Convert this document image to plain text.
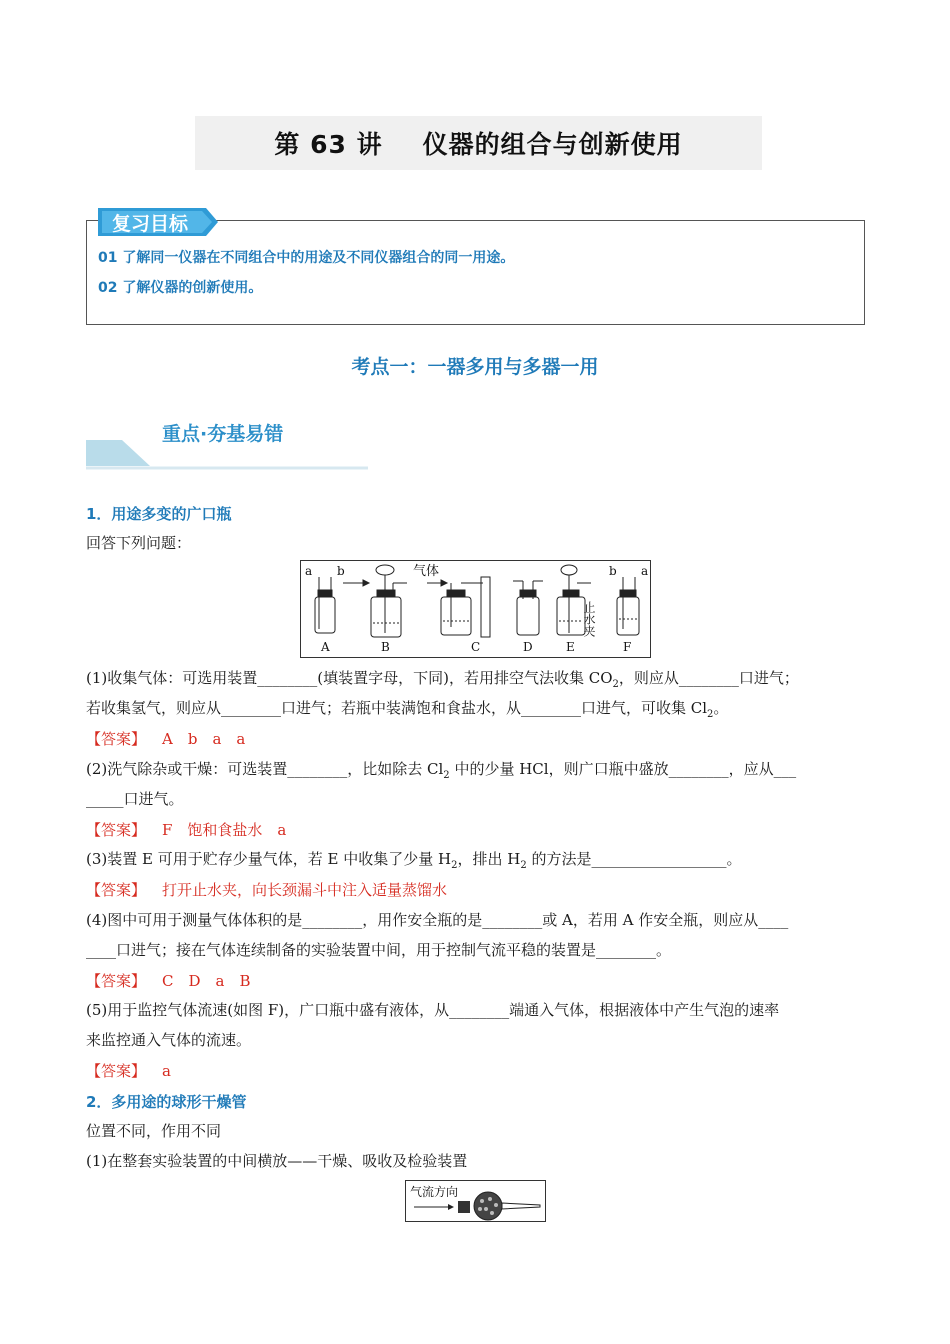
第 63 讲 仪器的组合与创新使用
复习目标
01 了解同一仪器在不同组合中的用途及不同仪器组合的同一用途。
02 了解仪器的创新使用。
考点一：一器多用与多器一用
重点·夯基易错
1．用途多变的广口瓶
回答下列问题：
a b	气体	b a
止水夹
A	B	C	D	E	F
(1)收集气体：可选用装置________(填装置字母，下同)，若用排空气法收集 $CO_2$，则应从________口进气；
若收集氢气，则应从________口进气；若瓶中装满饱和食盐水，从________口进气，可收集 $Cl_2$。
【答案】 A　b　a　a
(2)洗气除杂或干燥：可选装置________，比如除去 $Cl_2$ 中的少量 HCl，则广口瓶中盛放________，应从___
_____口进气。
【答案】 F　饱和食盐水　a
(3)装置 E 可用于贮存少量气体，若 E 中收集了少量 $H_2$，排出 $H_2$ 的方法是__________________。
【答案】 打开止水夹，向长颈漏斗中注入适量蒸馏水
(4)图中可用于测量气体体积的是________，用作安全瓶的是________或 A，若用 A 作安全瓶，则应从____
____口进气；接在气体连续制备的实验装置中间，用于控制气流平稳的装置是________。
【答案】 C　D　a　B
(5)用于监控气体流速(如图 F)，广口瓶中盛有液体，从________端通入气体，根据液体中产生气泡的速率
来监控通入气体的流速。
【答案】 a
2．多用途的球形干燥管
位置不同，作用不同
(1)在整套实验装置的中间横放——干燥、吸收及检验装置
气流方向
